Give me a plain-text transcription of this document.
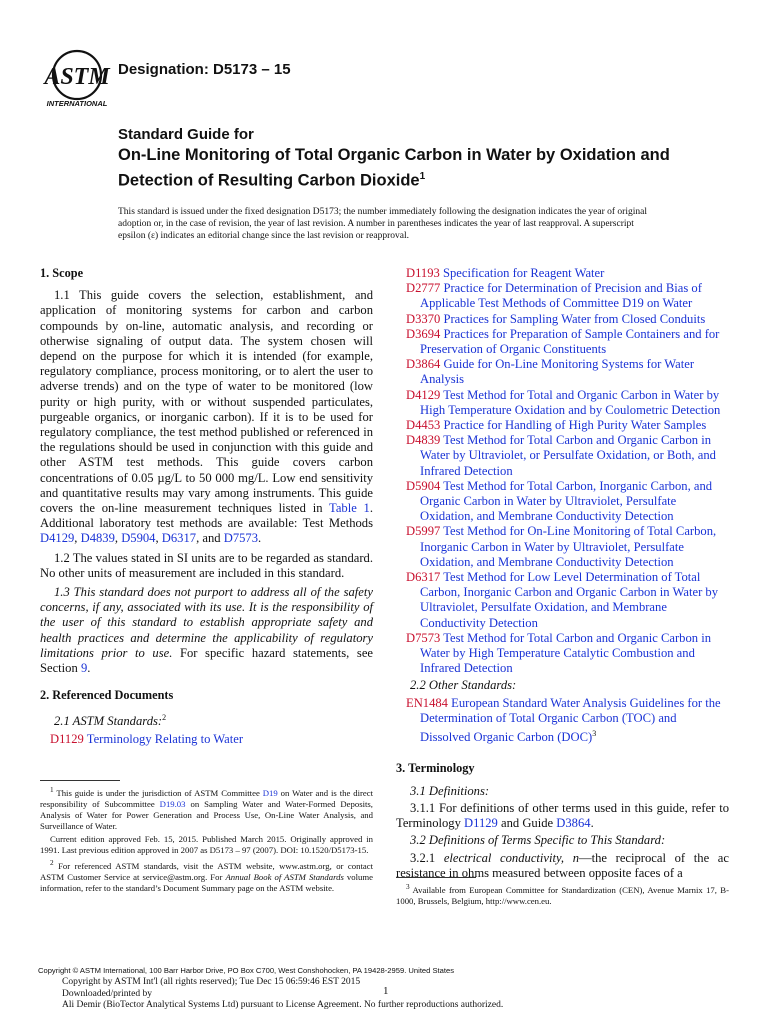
ASTM
INTERNATIONAL
Designation: D5173 – 15
Standard Guide for
On-Line Monitoring of Total Organic Carbon in Water by Oxidation and Detection of Resulting Carbon Dioxide$^1$
This standard is issued under the fixed designation D5173; the number immediately following the designation indicates the year of original adoption or, in the case of revision, the year of last revision. A number in parentheses indicates the year of last reapproval. A superscript epsilon (ε) indicates an editorial change since the last revision or reapproval.
1. Scope

1.1 This guide covers the selection, establishment, and application of monitoring systems for carbon and carbon compounds by on-line, automatic analysis, and recording or otherwise signaling of output data. The system chosen will depend on the purpose for which it is intended (for example, regulatory compliance, process monitoring, or to alert the user to adverse trends) and on the type of water to be monitored (low purity or high purity, with or without suspended particulates, purgeable organics, or inorganic carbon). If it is to be used for regulatory compliance, the test method published or referenced in the regulations should be used in conjunction with this guide and other ASTM test methods. This guide covers carbon concentrations of 0.05 µg/L to 50 000 mg/L. Low end sensitivity and quantitative results may vary among instruments. This guide covers the on-line measurement techniques listed in Table 1. Additional laboratory test methods are available: Test Methods D4129, D4839, D5904, D6317, and D7573.

1.2 The values stated in SI units are to be regarded as standard. No other units of measurement are included in this standard.

1.3 This standard does not purport to address all of the safety concerns, if any, associated with its use. It is the responsibility of the user of this standard to establish appropriate safety and health practices and determine the applicability of regulatory limitations prior to use. For specific hazard statements, see Section 9.

2. Referenced Documents
2.1 ASTM Standards:$^2$
D1129 Terminology Relating to Water

$^1$ This guide is under the jurisdiction of ASTM Committee D19 on Water and is the direct responsibility of Subcommittee D19.03 on Sampling Water and Water-Formed Deposits, Analysis of Water for Power Generation and Process Use, On-Line Water Analysis, and Surveillance of Water.

Current edition approved Feb. 15, 2015. Published March 2015. Originally approved in 1991. Last previous edition approved in 2007 as D5173 – 97 (2007). DOI: 10.1520/D5173-15.

$^2$ For referenced ASTM standards, visit the ASTM website, www.astm.org, or contact ASTM Customer Service at service@astm.org. For Annual Book of ASTM Standards volume information, refer to the standard’s Document Summary page on the ASTM website.

D1193 Specification for Reagent Water
D2777 Practice for Determination of Precision and Bias of Applicable Test Methods of Committee D19 on Water
D3370 Practices for Sampling Water from Closed Conduits
D3694 Practices for Preparation of Sample Containers and for Preservation of Organic Constituents
D3864 Guide for On-Line Monitoring Systems for Water Analysis
D4129 Test Method for Total and Organic Carbon in Water by High Temperature Oxidation and by Coulometric Detection
D4453 Practice for Handling of High Purity Water Samples
D4839 Test Method for Total Carbon and Organic Carbon in Water by Ultraviolet, or Persulfate Oxidation, or Both, and Infrared Detection
D5904 Test Method for Total Carbon, Inorganic Carbon, and Organic Carbon in Water by Ultraviolet, Persulfate Oxidation, and Membrane Conductivity Detection
D5997 Test Method for On-Line Monitoring of Total Carbon, Inorganic Carbon in Water by Ultraviolet, Persulfate Oxidation, and Membrane Conductivity Detection
D6317 Test Method for Low Level Determination of Total Carbon, Inorganic Carbon and Organic Carbon in Water by Ultraviolet, Persulfate Oxidation, and Membrane Conductivity Detection
D7573 Test Method for Total Carbon and Organic Carbon in Water by High Temperature Catalytic Combustion and Infrared Detection
2.2 Other Standards:
EN1484 European Standard Water Analysis Guidelines for the Determination of Total Organic Carbon (TOC) and Dissolved Organic Carbon (DOC)$^3$
3. Terminology

3.1 Definitions:

3.1.1 For definitions of other terms used in this guide, refer to Terminology D1129 and Guide D3864.

3.2 Definitions of Terms Specific to This Standard:

3.2.1 electrical conductivity, n—the reciprocal of the ac resistance in ohms measured between opposite faces of a

$^3$ Available from European Committee for Standardization (CEN), Avenue Marnix 17, B-1000, Brussels, Belgium, http://www.cen.eu.

Copyright © ASTM International, 100 Barr Harbor Drive, PO Box C700, West Conshohocken, PA 19428-2959. United States
Copyright by ASTM Int'l (all rights reserved); Tue Dec 15 06:59:46 EST 2015
Downloaded/printed by
Ali Demir (BioTector Analytical Systems Ltd) pursuant to License Agreement. No further reproductions authorized.
1
